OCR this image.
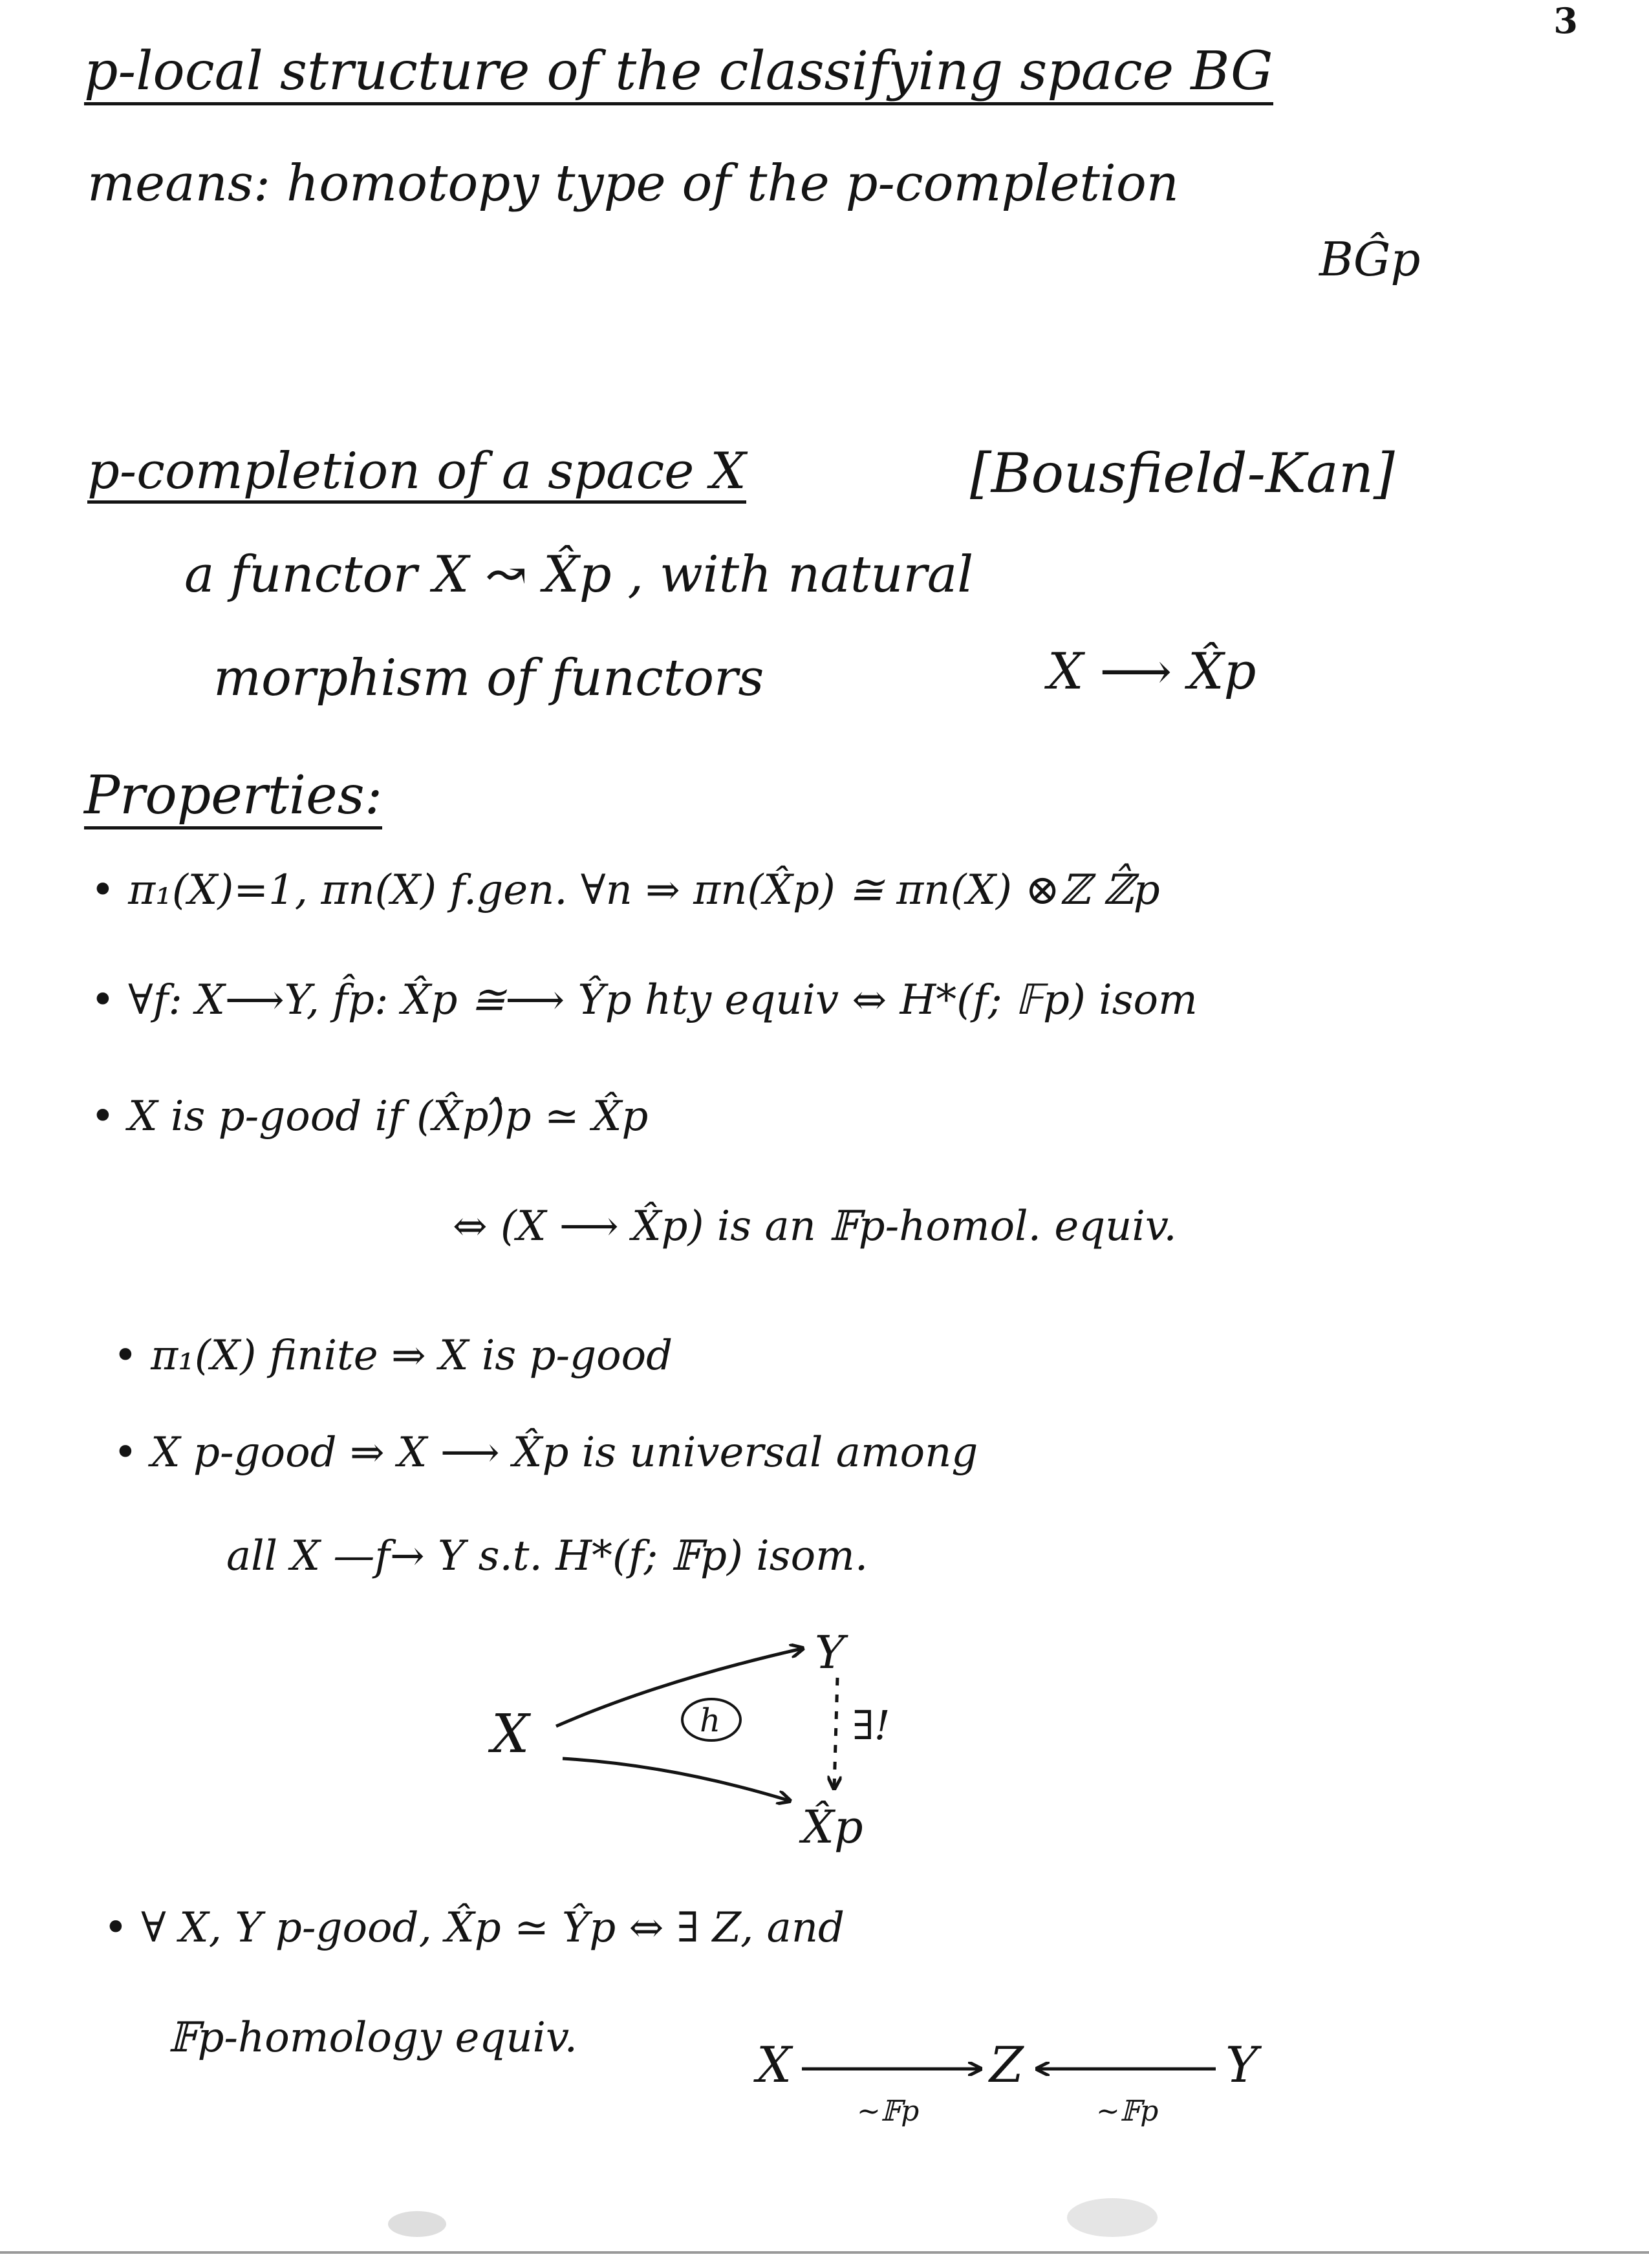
3
p-local structure of the classifying space BG
means: homotopy type of the p-completion
BĜp
p-completion of a space X	[Bousfield-Kan]
a functor X ↝ X̂p , with natural
morphism of functors	X ⟶ X̂p
Properties:
• π₁(X)=1, πn(X) f.gen. ∀n ⇒ πn(X̂p) ≅ πn(X) ⊗ℤ ℤ̂p
• ∀f: X⟶Y, f̂p: X̂p ≅⟶ Ŷp hty equiv ⇔ H*(f; 𝔽p) isom
• X is p-good if (X̂p)̂p ≃ X̂p
⇔ (X ⟶ X̂p) is an 𝔽p-homol. equiv.
• π₁(X) finite ⇒ X is p-good
• X p-good ⇒ X ⟶ X̂p is universal among
all X —f→ Y s.t. H*(f; 𝔽p) isom.
X
Y
X̂p
h	∃!
• ∀ X, Y p-good, X̂p ≃ Ŷp ⇔ ∃ Z, and
𝔽p-homology equiv.	X	Z	Y
~𝔽p	~𝔽p
